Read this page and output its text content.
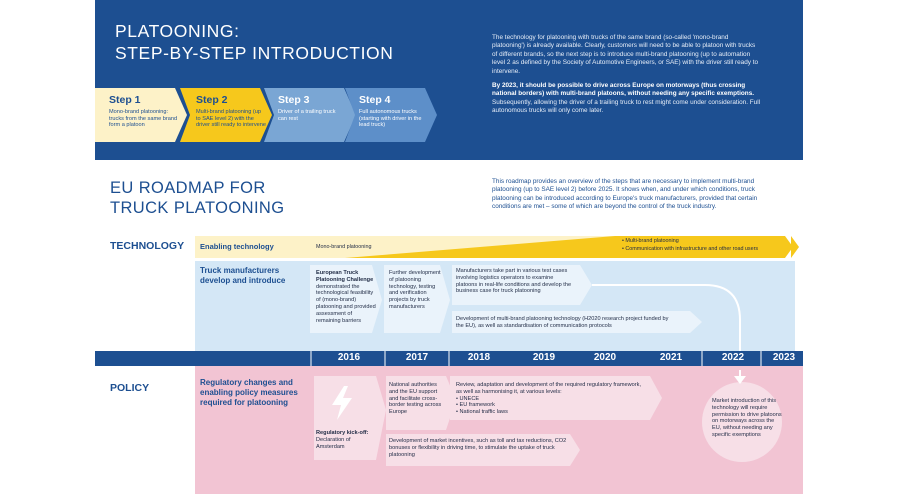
PLATOONING:
STEP-BY-STEP INTRODUCTION
The technology for platooning with trucks of the same brand (so-called 'mono-brand platooning') is already available. Clearly, customers will need to be able to platoon with trucks of different brands, so the next step is to introduce multi-brand platooning (up to automation level 2 as defined by the Society of Automotive Engineers, or SAE) with the driver still ready to intervene.
By 2023, it should be possible to drive across Europe on motorways (thus crossing national borders) with multi-brand platoons, without needing any specific exemptions. Subsequently, allowing the driver of a trailing truck to rest might come under consideration. Full autonomous trucks will only come later.
Step 1
Mono-brand platooning: trucks from the same brand form a platoon
Step 2
Multi-brand platooning (up to SAE level 2) with the driver still ready to intervene
Step 3
Driver of a trailing truck can rest
Step 4
Full autonomous trucks (starting with driver in the lead truck)
EU ROADMAP FOR
TRUCK PLATOONING
This roadmap provides an overview of the steps that are necessary to implement multi-brand platooning (up to SAE level 2) before 2025. It shows when, and under which conditions, truck platooning can be introduced according to Europe's truck manufacturers, provided that certain conditions are met – some of which are beyond the control of the truck industry.
TECHNOLOGY Enabling technology	Mono-brand platooning
• Multi-brand platooning
• Communication with infrastructure and other road users
Truck manufacturers develop and introduce
European Truck Platooning Challenge
demonstrated the technological feasibility of (mono-brand) platooning and provided assessment of remaining barriers
Further development of platooning technology, testing and verification projects by truck manufacturers
Manufacturers take part in various test cases involving logistics operators to examine platoons in real-life conditions and develop the business case for truck platooning
Development of multi-brand platooning technology (H2020 research project funded by the EU), as well as standardisation of communication protocols
2016	2017	2018	2019	2020	2021	2022	2023
POLICY	Regulatory changes and enabling policy measures required for platooning
Regulatory kick-off:
Declaration of Amsterdam
National authorities and the EU support and facilitate cross-border testing across Europe
Review, adaptation and development of the required regulatory framework, as well as harmonising it, at various levels:
• UNECE
• EU framework
• National traffic laws
Development of market incentives, such as toll and tax reductions, CO2 bonuses or flexibility in driving time, to stimulate the uptake of truck platooning
Market introduction of this technology will require permission to drive platoons on motorways across the EU, without needing any specific exemptions
